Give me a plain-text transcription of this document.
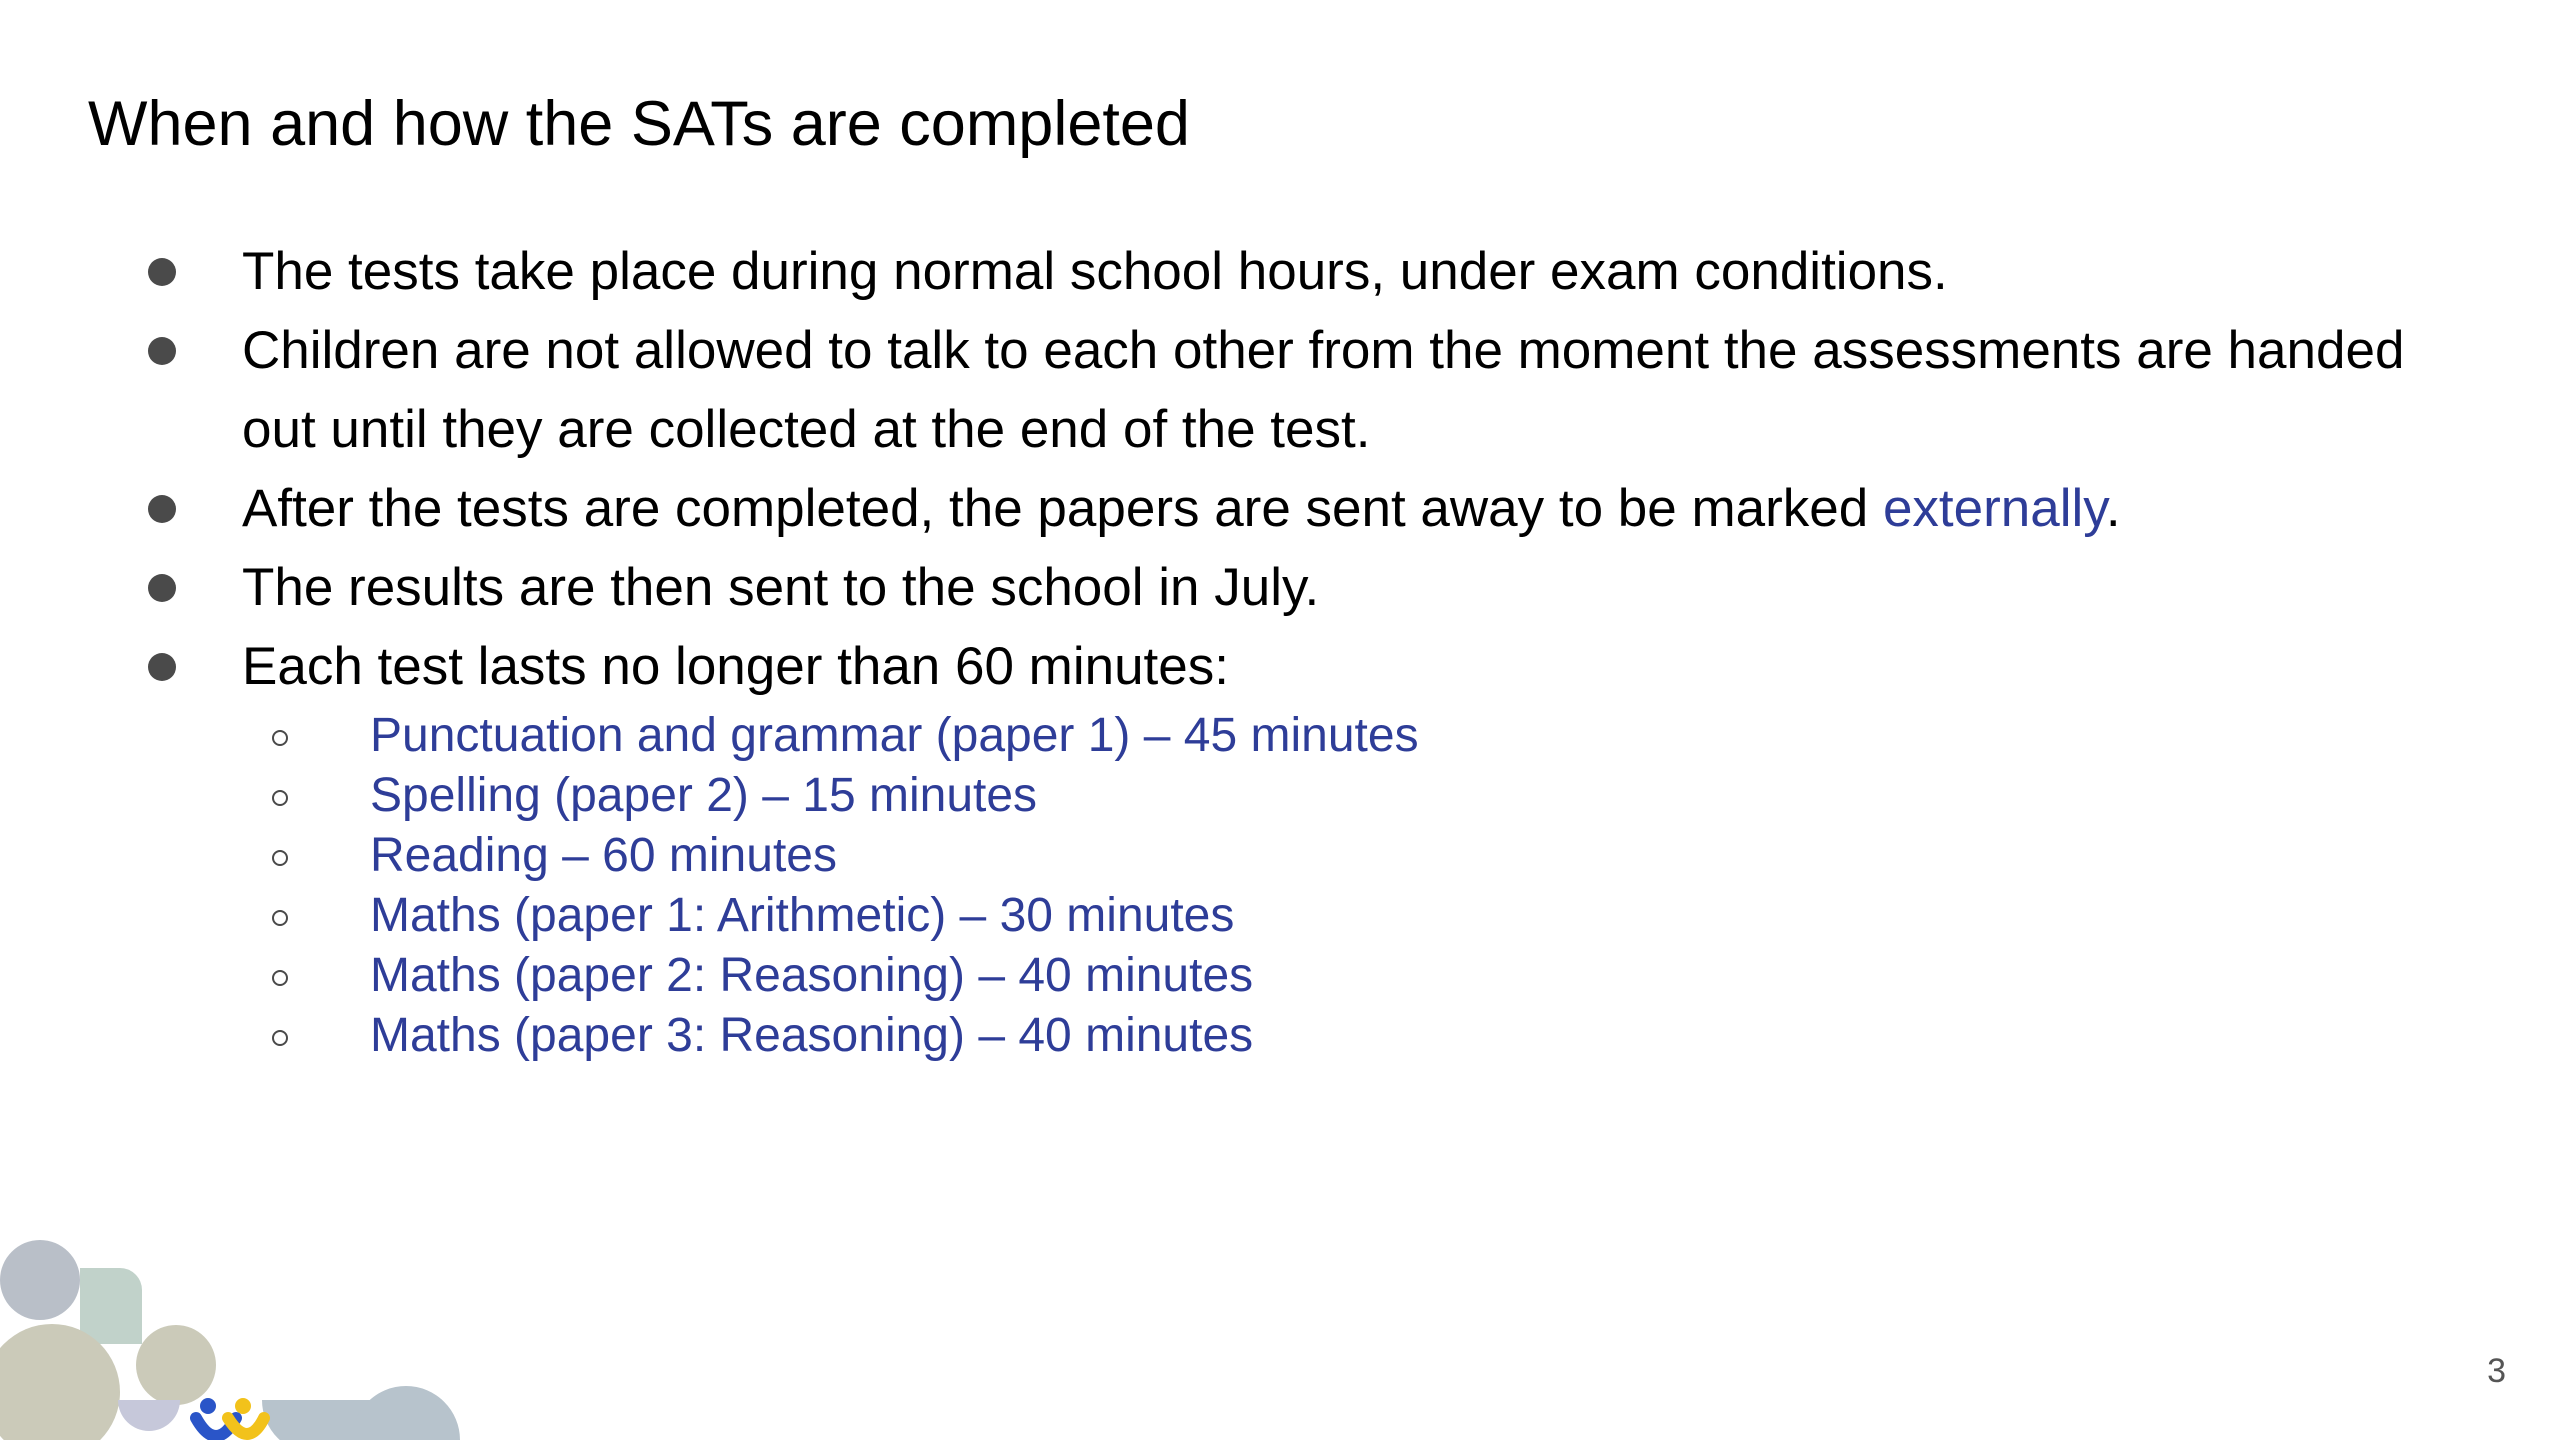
When and how the SATs are completed
The tests take place during normal school hours, under exam conditions.
Children are not allowed to talk to each other from the moment the assessments are handed out until they are collected at the end of the test.
After the tests are completed, the papers are sent away to be marked externally.
The results are then sent to the school in July.
Each test lasts no longer than 60 minutes:
Punctuation and grammar (paper 1) – 45 minutes
Spelling (paper 2) – 15 minutes
Reading – 60 minutes
Maths (paper 1: Arithmetic) – 30 minutes
Maths (paper 2: Reasoning) – 40 minutes
Maths (paper 3: Reasoning) – 40 minutes
3
